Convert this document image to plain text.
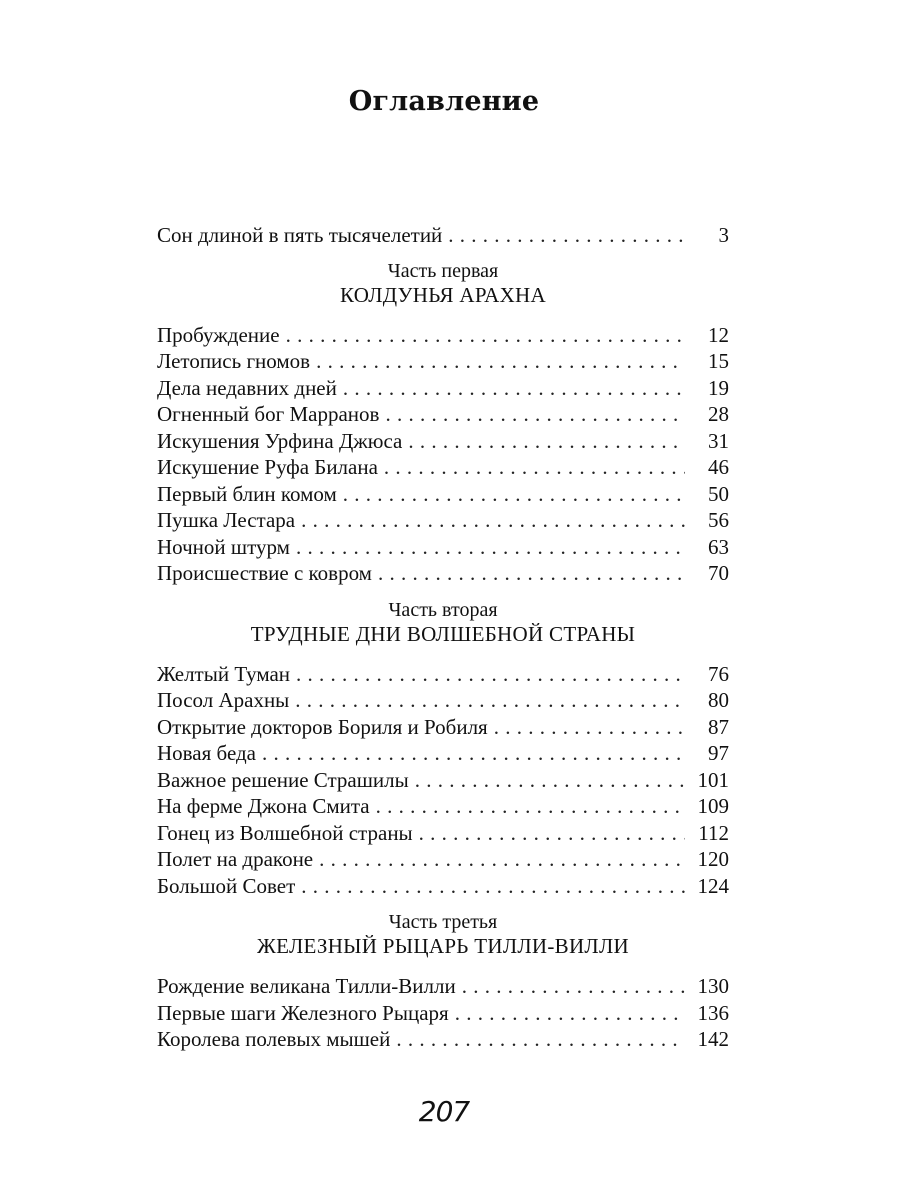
Оглавление
Сон длиной в пять тысячелетий . . .	3
Часть первая
КОЛДУНЬЯ АРАХНА
Пробуждение . . .	12
Летопись гномов . . .	15
Дела недавних дней . . .	19
Огненный бог Марранов . . .	28
Искушения Урфина Джюса . . .	31
Искушение Руфа Билана . . .	46
Первый блин комом . . .	50
Пушка Лестара . . .	56
Ночной штурм . . .	63
Происшествие с ковром . . .	70
Часть вторая
ТРУДНЫЕ ДНИ ВОЛШЕБНОЙ СТРАНЫ
Желтый Туман . . .	76
Посол Арахны . . .	80
Открытие докторов Бориля и Робиля . . .	87
Новая беда . . .	97
Важное решение Страшилы . . .	101
На ферме Джона Смита . . .	109
Гонец из Волшебной страны . . .	112
Полет на драконе . . .	120
Большой Совет . . .	124
Часть третья
ЖЕЛЕЗНЫЙ РЫЦАРЬ ТИЛЛИ-ВИЛЛИ
Рождение великана Тилли-Вилли . . .	130
Первые шаги Железного Рыцаря . . .	136
Королева полевых мышей . . .	142
207
